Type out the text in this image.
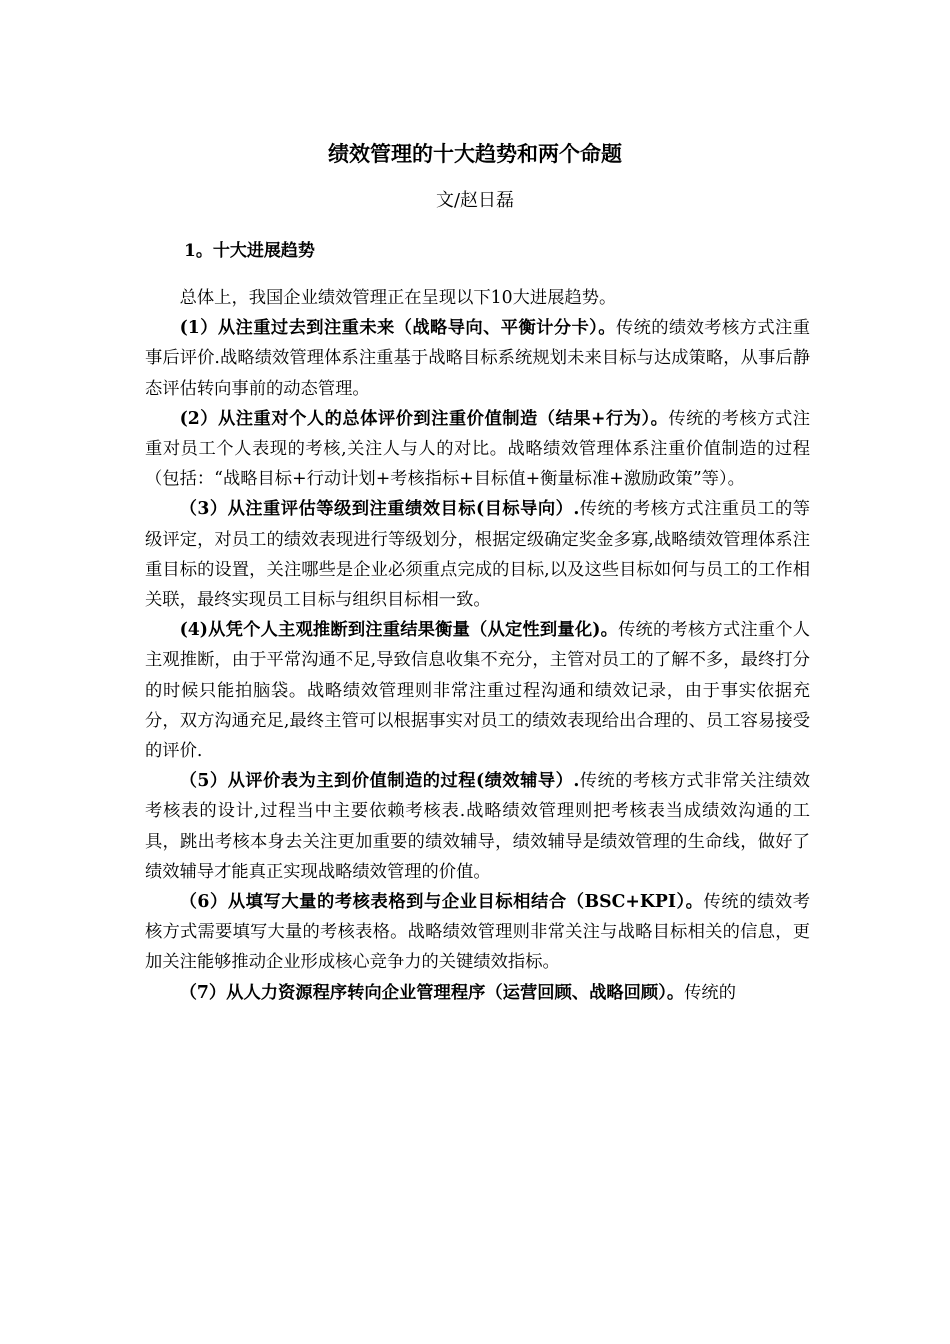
绩效管理的十大趋势和两个命题
文/赵日磊
1。十大进展趋势

总体上，我国企业绩效管理正在呈现以下10大进展趋势。

(1）从注重过去到注重未来（战略导向、平衡计分卡）。传统的绩效考核方式注重事后评价.战略绩效管理体系注重基于战略目标系统规划未来目标与达成策略，从事后静态评估转向事前的动态管理。

(2）从注重对个人的总体评价到注重价值制造（结果+行为）。传统的考核方式注重对员工个人表现的考核,关注人与人的对比。战略绩效管理体系注重价值制造的过程（包括：“战略目标+行动计划+考核指标+目标值+衡量标准+激励政策”等）。

（3）从注重评估等级到注重绩效目标(目标导向）.传统的考核方式注重员工的等级评定，对员工的绩效表现进行等级划分，根据定级确定奖金多寡,战略绩效管理体系注重目标的设置，关注哪些是企业必须重点完成的目标,以及这些目标如何与员工的工作相关联，最终实现员工目标与组织目标相一致。

(4)从凭个人主观推断到注重结果衡量（从定性到量化)。传统的考核方式注重个人主观推断，由于平常沟通不足,导致信息收集不充分，主管对员工的了解不多，最终打分的时候只能拍脑袋。战略绩效管理则非常注重过程沟通和绩效记录，由于事实依据充分，双方沟通充足,最终主管可以根据事实对员工的绩效表现给出合理的、员工容易接受的评价.

（5）从评价表为主到价值制造的过程(绩效辅导）.传统的考核方式非常关注绩效考核表的设计,过程当中主要依赖考核表.战略绩效管理则把考核表当成绩效沟通的工具，跳出考核本身去关注更加重要的绩效辅导，绩效辅导是绩效管理的生命线，做好了绩效辅导才能真正实现战略绩效管理的价值。

（6）从填写大量的考核表格到与企业目标相结合（BSC+KPI）。传统的绩效考核方式需要填写大量的考核表格。战略绩效管理则非常关注与战略目标相关的信息，更加关注能够推动企业形成核心竞争力的关键绩效指标。

（7）从人力资源程序转向企业管理程序（运营回顾、战略回顾）。传统的
